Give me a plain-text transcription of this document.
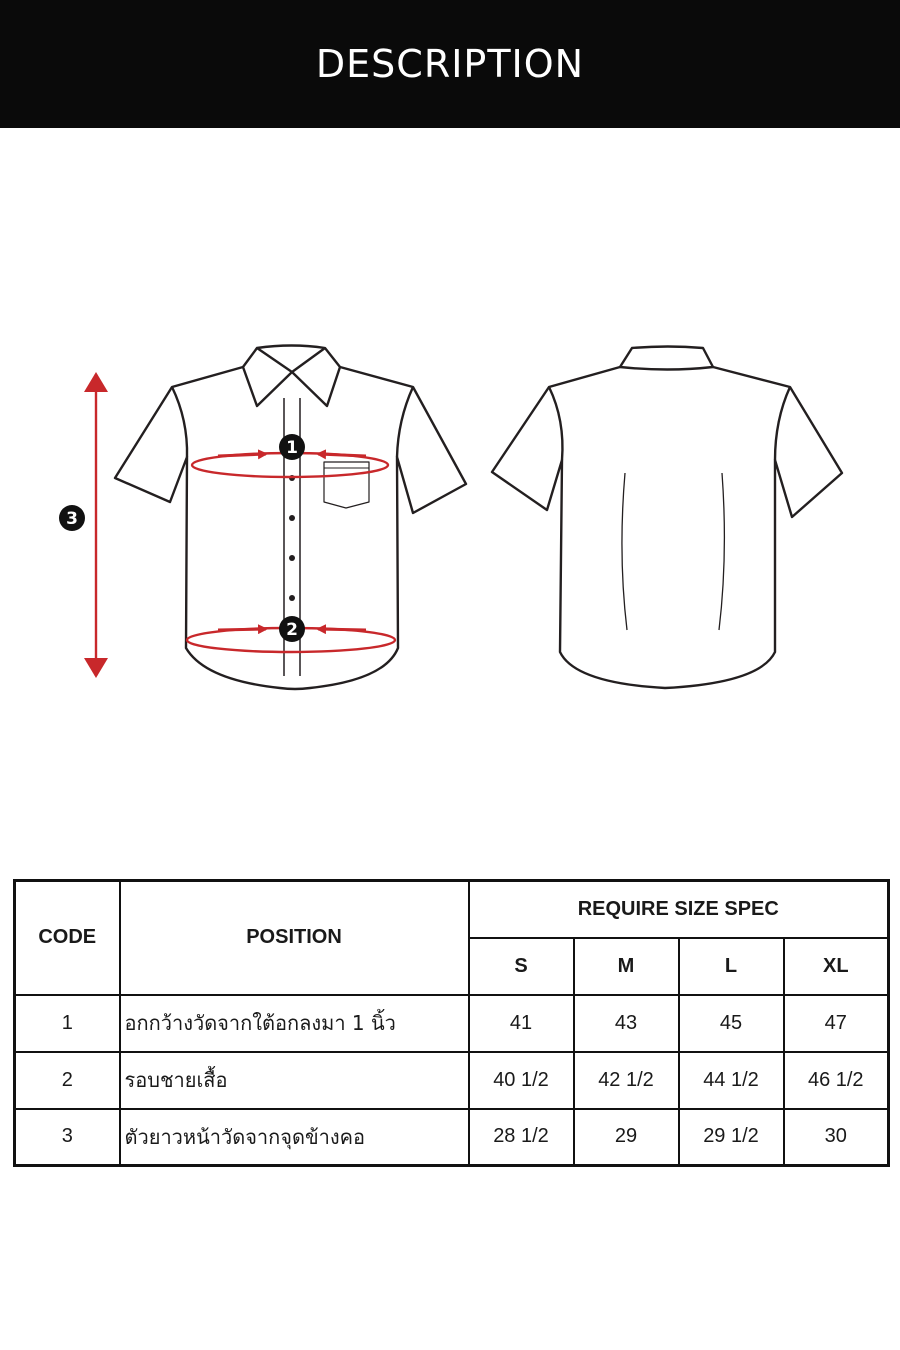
DESCRIPTION
1
2
3
CODE	POSITION	REQUIRE SIZE SPEC			
		S	M	L	XL
1	อกกว้างวัดจากใต้อกลงมา 1 นิ้ว	41	43	45	47
2	รอบชายเสื้อ	40 1/2	42 1/2	44 1/2	46 1/2
3	ตัวยาวหน้าวัดจากจุดข้างคอ	28 1/2	29	29 1/2	30
